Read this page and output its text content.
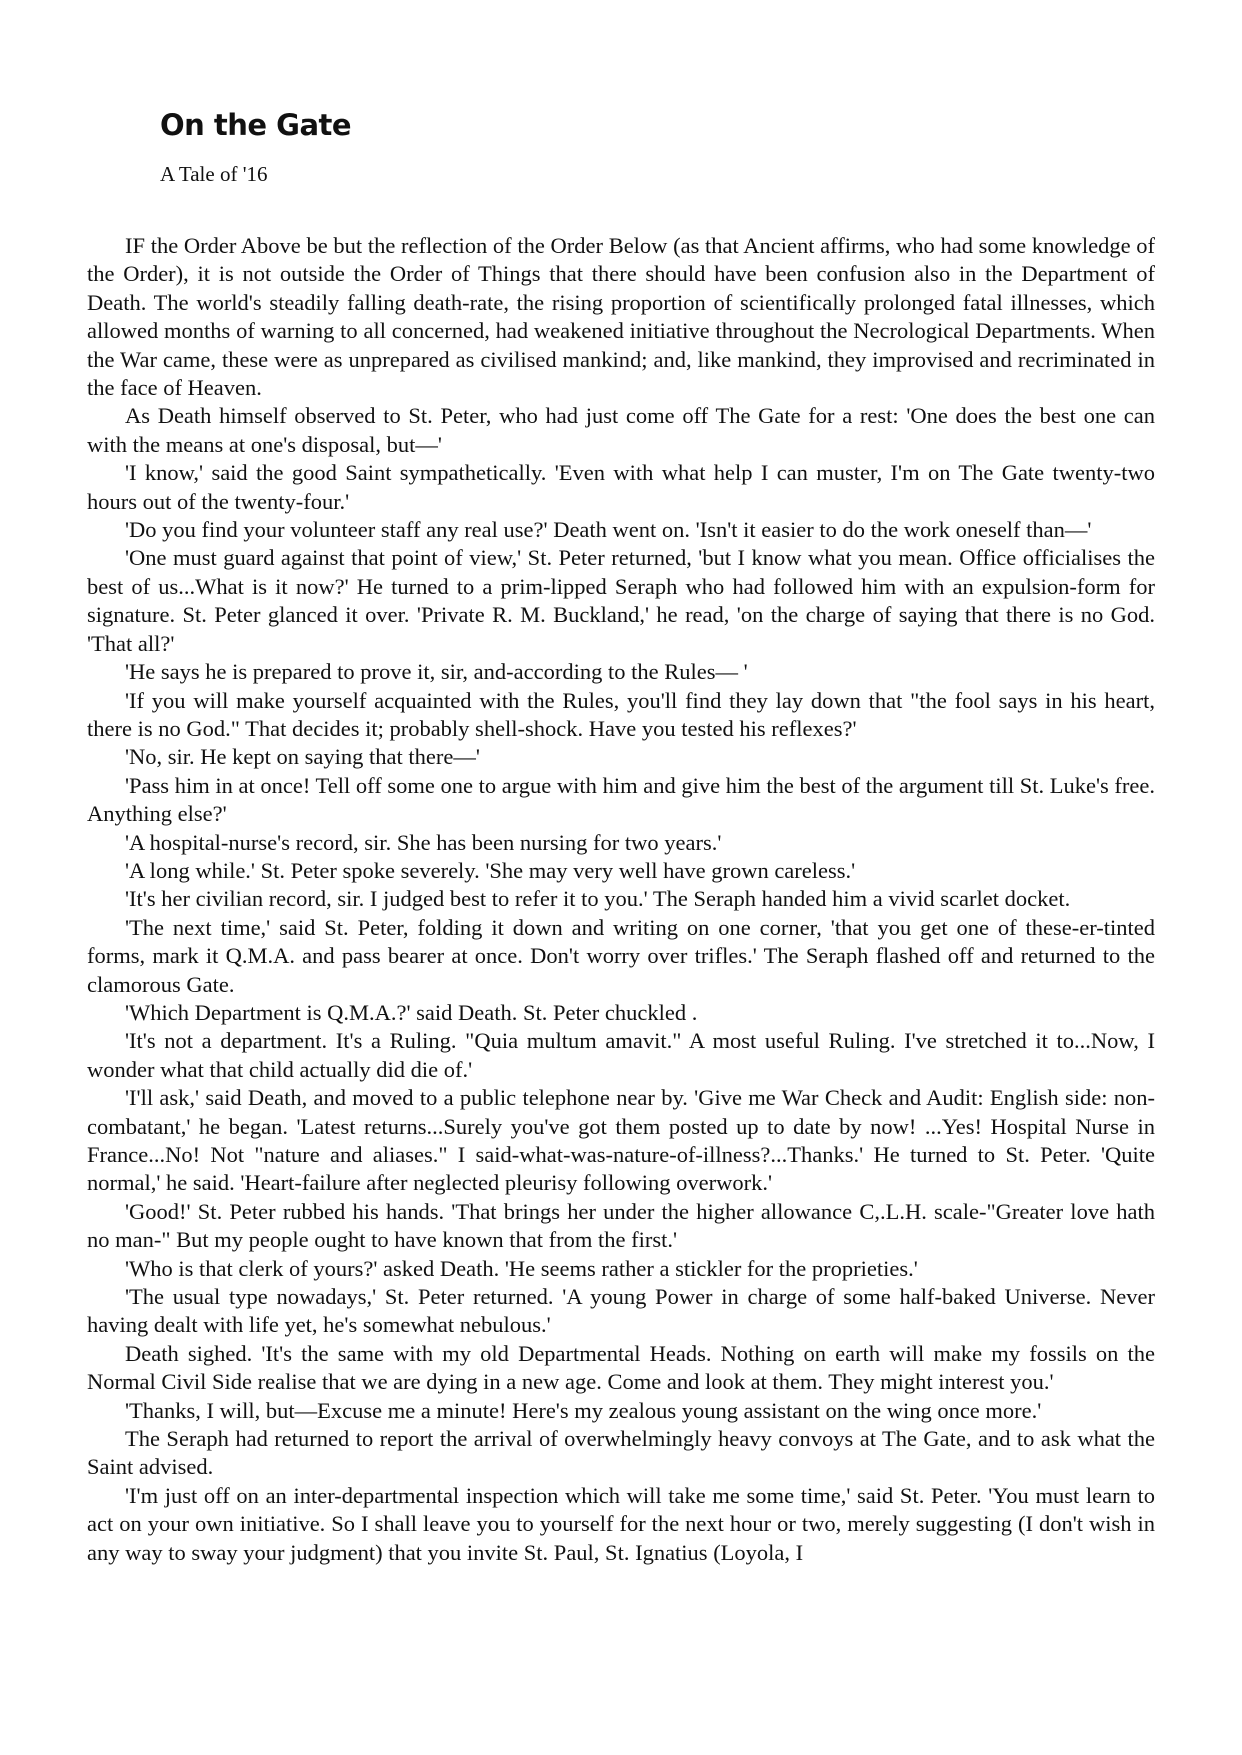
On the Gate
A Tale of '16

IF the Order Above be but the reflection of the Order Below (as that Ancient affirms, who had some knowledge of the Order), it is not outside the Order of Things that there should have been confusion also in the Department of Death. The world's steadily falling death-rate, the rising proportion of scientifically prolonged fatal illnesses, which allowed months of warning to all concerned, had weakened initiative throughout the Necrological Departments. When the War came, these were as unprepared as civilised mankind; and, like mankind, they improvised and recriminated in the face of Heaven.

As Death himself observed to St. Peter, who had just come off The Gate for a rest: 'One does the best one can with the means at one's disposal, but—'

'I know,' said the good Saint sympathetically. 'Even with what help I can muster, I'm on The Gate twenty-two hours out of the twenty-four.'

'Do you find your volunteer staff any real use?' Death went on. 'Isn't it easier to do the work oneself than—'

'One must guard against that point of view,' St. Peter returned, 'but I know what you mean. Office officialises the best of us...What is it now?' He turned to a prim-lipped Seraph who had followed him with an expulsion-form for signature. St. Peter glanced it over. 'Private R. M. Buckland,' he read, 'on the charge of saying that there is no God. 'That all?'

'He says he is prepared to prove it, sir, and-according to the Rules— '

'If you will make yourself acquainted with the Rules, you'll find they lay down that "the fool says in his heart, there is no God." That decides it; probably shell-shock. Have you tested his reflexes?'

'No, sir. He kept on saying that there—'

'Pass him in at once! Tell off some one to argue with him and give him the best of the argument till St. Luke's free. Anything else?'

'A hospital-nurse's record, sir. She has been nursing for two years.'

'A long while.' St. Peter spoke severely. 'She may very well have grown careless.'

'It's her civilian record, sir. I judged best to refer it to you.' The Seraph handed him a vivid scarlet docket.

'The next time,' said St. Peter, folding it down and writing on one corner, 'that you get one of these-er-tinted forms, mark it Q.M.A. and pass bearer at once. Don't worry over trifles.' The Seraph flashed off and returned to the clamorous Gate.

'Which Department is Q.M.A.?' said Death. St. Peter chuckled .

'It's not a department. It's a Ruling. "Quia multum amavit." A most useful Ruling. I've stretched it to...Now, I wonder what that child actually did die of.'

'I'll ask,' said Death, and moved to a public telephone near by. 'Give me War Check and Audit: English side: non-combatant,' he began. 'Latest returns...Surely you've got them posted up to date by now! ...Yes! Hospital Nurse in France...No! Not "nature and aliases." I said-what-was-nature-of-illness?...Thanks.' He turned to St. Peter. 'Quite normal,' he said. 'Heart-failure after neglected pleurisy following overwork.'

'Good!' St. Peter rubbed his hands. 'That brings her under the higher allowance C,.L.H. scale-"Greater love hath no man-" But my people ought to have known that from the first.'

'Who is that clerk of yours?' asked Death. 'He seems rather a stickler for the proprieties.'

'The usual type nowadays,' St. Peter returned. 'A young Power in charge of some half-baked Universe. Never having dealt with life yet, he's somewhat nebulous.'

Death sighed. 'It's the same with my old Departmental Heads. Nothing on earth will make my fossils on the Normal Civil Side realise that we are dying in a new age. Come and look at them. They might interest you.'

'Thanks, I will, but—Excuse me a minute! Here's my zealous young assistant on the wing once more.'

The Seraph had returned to report the arrival of overwhelmingly heavy convoys at The Gate, and to ask what the Saint advised.

'I'm just off on an inter-departmental inspection which will take me some time,' said St. Peter. 'You must learn to act on your own initiative. So I shall leave you to yourself for the next hour or two, merely suggesting (I don't wish in any way to sway your judgment) that you invite St. Paul, St. Ignatius (Loyola, I
